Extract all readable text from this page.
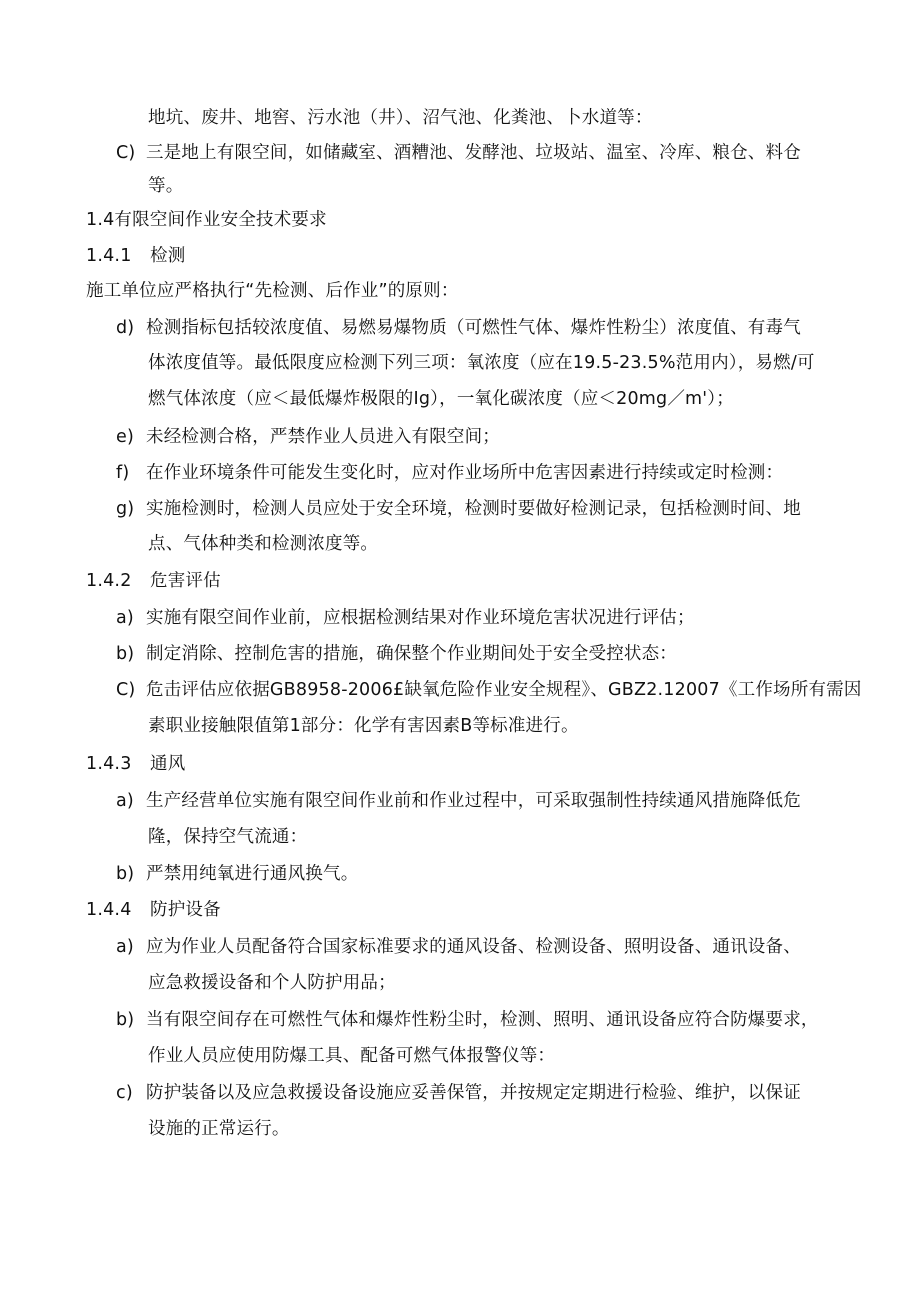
地坑、废井、地窖、污水池（井）、沼气池、化粪池、卜水道等：
C) 三是地上有限空间，如储藏室、酒糟池、发酵池、垃圾站、温室、冷库、粮仓、料仓
等。
1.4有限空间作业安全技术要求
1.4.1 检测
施工单位应严格执行“先检测、后作业”的原则：
d) 检测指标包括较浓度值、易燃易爆物质（可燃性气体、爆炸性粉尘）浓度值、有毒气
体浓度值等。最低限度应检测下列三项：氧浓度（应在19.5-23.5%范用内），易燃/可
燃气体浓度（应＜最低爆炸极限的Ig），一氧化碳浓度（应＜20mg／m'）；
e) 未经检测合格，严禁作业人员进入有限空间；
f) 在作业环境条件可能发生变化时，应对作业场所中危害因素进行持续或定时检测：
g) 实施检测时，检测人员应处于安全环境，检测时要做好检测记录，包括检测时间、地
点、气体种类和检测浓度等。
1.4.2 危害评估
a) 实施有限空间作业前，应根据检测结果对作业环境危害状况进行评估；
b) 制定消除、控制危害的措施，确保整个作业期间处于安全受控状态：
C) 危击评估应依据GB8958-2006£缺氧危险作业安全规程》、GBZ2.12007《工作场所有需因
素职业接触限值第1部分：化学有害因素B等标准进行。
1.4.3 通风
a) 生产经营单位实施有限空间作业前和作业过程中，可采取强制性持续通风措施降低危
隆，保持空气流通：
b) 严禁用纯氧进行通风换气。
1.4.4 防护设备
a) 应为作业人员配备符合国家标准要求的通风设备、检测设备、照明设备、通讯设备、
应急救援设备和个人防护用品；
b) 当有限空间存在可燃性气体和爆炸性粉尘时，检测、照明、通讯设备应符合防爆要求，
作业人员应使用防爆工具、配备可燃气体报警仪等：
c) 防护装备以及应急救援设备设施应妥善保管，并按规定定期进行检验、维护，以保证
设施的正常运行。
